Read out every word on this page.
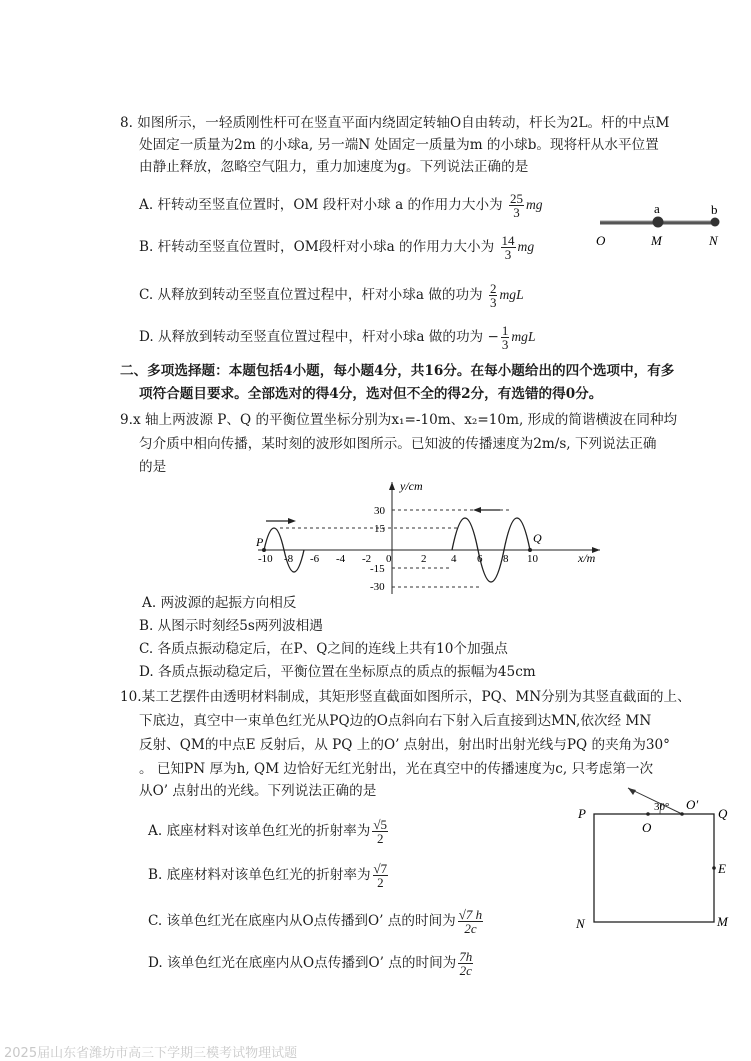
8. 如图所示，一轻质刚性杆可在竖直平面内绕固定转轴O自由转动，杆长为2L。杆的中点M
处固定一质量为2m 的小球a, 另一端N 处固定一质量为m 的小球b。现将杆从水平位置
由静止释放，忽略空气阻力，重力加速度为g。下列说法正确的是
A. 杆转动至竖直位置时，OM 段杆对小球 a 的作用力大小为 $\frac{25}{3}$ mg
B. 杆转动至竖直位置时，OM段杆对小球a 的作用力大小为 $\frac{14}{3}$ mg
C. 从释放到转动至竖直位置过程中，杆对小球a 做的功为 $\frac{2}{3}$ mgL
D. 从释放到转动至竖直位置过程中，杆对小球a 做的功为 − $\frac{1}{3}$ mgL
a	b
O	M	N
二、多项选择题：本题包括4小题，每小题4分，共16分。在每小题给出的四个选项中，有多
项符合题目要求。全部选对的得4分，选对但不全的得2分，有选错的得0分。
9.x 轴上两波源 P、Q 的平衡位置坐标分别为x₁=-10m、x₂=10m, 形成的简谐横波在同种均
匀介质中相向传播，某时刻的波形如图所示。已知波的传播速度为2m/s, 下列说法正确
的是
y/cm
x/m
30
15
-15
-30
-10 -8 -6 -4 -2 0	2 4 6 8 10
P	Q
A. 两波源的起振方向相反
B. 从图示时刻经5s两列波相遇
C. 各质点振动稳定后，在P、Q之间的连线上共有10个加强点
D. 各质点振动稳定后，平衡位置在坐标原点的质点的振幅为45cm
10.某工艺摆件由透明材料制成，其矩形竖直截面如图所示，PQ、MN分别为其竖直截面的上、
下底边，真空中一束单色红光从PQ边的O点斜向右下射入后直接到达MN,依次经 MN
反射、QM的中点E 反射后，从 PQ 上的O’ 点射出，射出时出射光线与PQ 的夹角为30°
。 已知PN 厚为h, QM 边恰好无红光射出，光在真空中的传播速度为c, 只考虑第一次
从O’ 点射出的光线。下列说法正确的是
A. 底座材料对该单色红光的折射率为 $\frac{√5}{2}$
B. 底座材料对该单色红光的折射率为 $\frac{√7}{2}$
C. 该单色红光在底座内从O点传播到O’ 点的时间为 $\frac{√7 h}{2c}$
D. 该单色红光在底座内从O点传播到O’ 点的时间为 $\frac{7h}{2c}$
30°
P	Q
O
O′
E
N	M
2025届山东省潍坊市高三下学期三模考试物理试题
